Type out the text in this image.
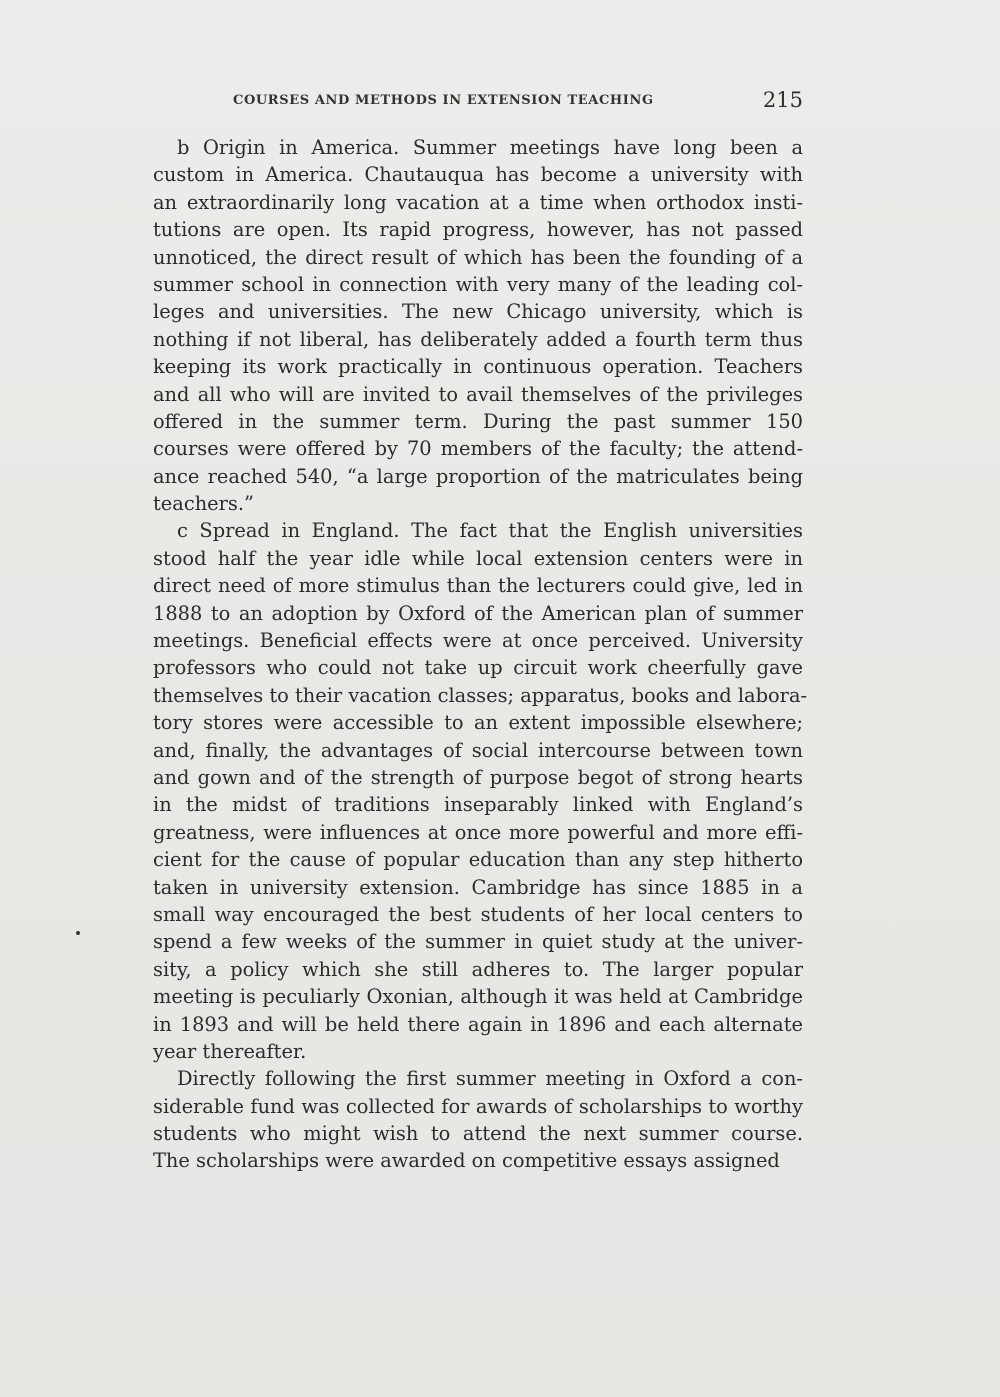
COURSES AND METHODS IN EXTENSION TEACHING	215
b Origin in America. Summer meetings have long been a
custom in America. Chautauqua has become a university with
an extraordinarily long vacation at a time when orthodox insti-
tutions are open. Its rapid progress, however, has not passed
unnoticed, the direct result of which has been the founding of a
summer school in connection with very many of the leading col-
leges and universities. The new Chicago university, which is
nothing if not liberal, has deliberately added a fourth term thus
keeping its work practically in continuous operation. Teachers
and all who will are invited to avail themselves of the privileges
offered in the summer term. During the past summer 150
courses were offered by 70 members of the faculty; the attend-
ance reached 540, “a large proportion of the matriculates being
teachers.”
c Spread in England. The fact that the English universities
stood half the year idle while local extension centers were in
direct need of more stimulus than the lecturers could give, led in
1888 to an adoption by Oxford of the American plan of summer
meetings. Beneficial effects were at once perceived. University
professors who could not take up circuit work cheerfully gave
themselves to their vacation classes; apparatus, books and labora-
tory stores were accessible to an extent impossible elsewhere;
and, finally, the advantages of social intercourse between town
and gown and of the strength of purpose begot of strong hearts
in the midst of traditions inseparably linked with England’s
greatness, were influences at once more powerful and more effi-
cient for the cause of popular education than any step hitherto
taken in university extension. Cambridge has since 1885 in a
small way encouraged the best students of her local centers to
spend a few weeks of the summer in quiet study at the univer-
sity, a policy which she still adheres to. The larger popular
meeting is peculiarly Oxonian, although it was held at Cambridge
in 1893 and will be held there again in 1896 and each alternate
year thereafter.
Directly following the first summer meeting in Oxford a con-
siderable fund was collected for awards of scholarships to worthy
students who might wish to attend the next summer course.
The scholarships were awarded on competitive essays assigned
